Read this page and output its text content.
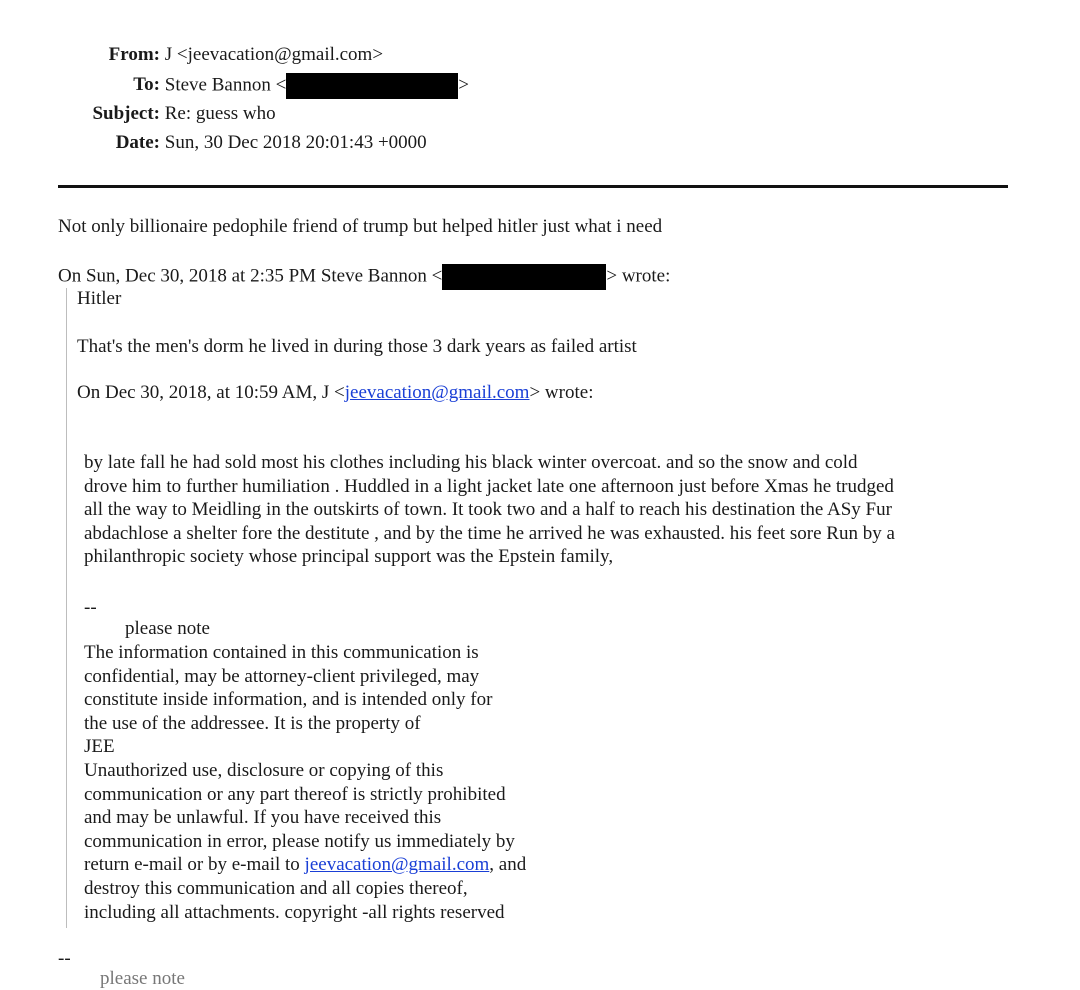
From: J <jeevacation@gmail.com>
To: Steve Bannon <	>
Subject: Re: guess who
Date: Sun, 30 Dec 2018 20:01:43 +0000
Not only billionaire pedophile friend of trump but helped hitler just what i need
On Sun, Dec 30, 2018 at 2:35 PM Steve Bannon <	> wrote:
Hitler
That's the men's dorm he lived in during those 3 dark years as failed artist
On Dec 30, 2018, at 10:59 AM, J <jeevacation@gmail.com> wrote:
by late fall he had sold most his clothes including his black winter overcoat. and so the snow and cold
drove him to further humiliation . Huddled in a light jacket late one afternoon just before Xmas he trudged
all the way to Meidling in the outskirts of town. It took two and a half to reach his destination the ASy Fur
abdachlose a shelter fore the destitute , and by the time he arrived he was exhausted. his feet sore Run by a
philanthropic society whose principal support was the Epstein family,
--
please note
The information contained in this communication is
confidential, may be attorney-client privileged, may
constitute inside information, and is intended only for
the use of the addressee. It is the property of
JEE
Unauthorized use, disclosure or copying of this
communication or any part thereof is strictly prohibited
and may be unlawful. If you have received this
communication in error, please notify us immediately by
return e-mail or by e-mail to jeevacation@gmail.com, and
destroy this communication and all copies thereof,
including all attachments. copyright -all rights reserved
--
please note
